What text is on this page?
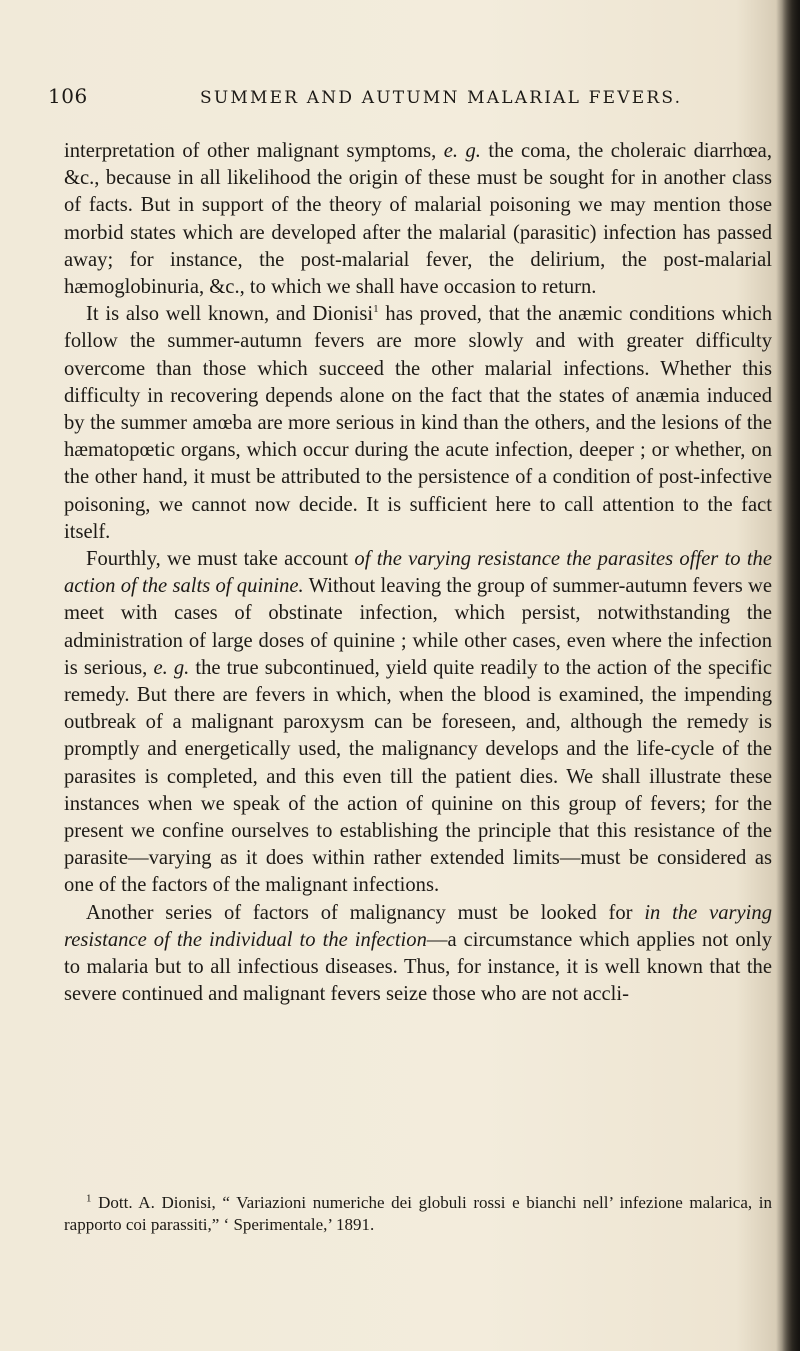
106	SUMMER AND AUTUMN MALARIAL FEVERS.

interpretation of other malignant symptoms, e. g. the coma, the choleraic diarrhœa, &c., because in all likelihood the origin of these must be sought for in another class of facts. But in support of the theory of malarial poisoning we may mention those morbid states which are developed after the malarial (parasitic) infection has passed away; for instance, the post-malarial fever, the delirium, the post-malarial hæmoglobinuria, &c., to which we shall have occasion to return.

It is also well known, and Dionisi$^1$ has proved, that the anæmic conditions which follow the summer-autumn fevers are more slowly and with greater difficulty overcome than those which succeed the other malarial infections. Whether this difficulty in recovering depends alone on the fact that the states of anæmia induced by the summer amœba are more serious in kind than the others, and the lesions of the hæmatopœtic organs, which occur during the acute infection, deeper ; or whether, on the other hand, it must be attributed to the persistence of a condition of post-infective poisoning, we cannot now decide. It is sufficient here to call attention to the fact itself.

Fourthly, we must take account of the varying resistance the parasites offer to the action of the salts of quinine. Without leaving the group of summer-autumn fevers we meet with cases of obstinate infection, which persist, notwithstanding the administration of large doses of quinine ; while other cases, even where the infection is serious, e. g. the true subcontinued, yield quite readily to the action of the specific remedy. But there are fevers in which, when the blood is examined, the impending outbreak of a malignant paroxysm can be foreseen, and, although the remedy is promptly and energetically used, the malignancy develops and the life-cycle of the parasites is completed, and this even till the patient dies. We shall illustrate these instances when we speak of the action of quinine on this group of fevers; for the present we confine ourselves to establishing the principle that this resistance of the parasite—varying as it does within rather extended limits—must be considered as one of the factors of the malignant infections.

Another series of factors of malignancy must be looked for in the varying resistance of the individual to the infection—a circumstance which applies not only to malaria but to all infectious diseases. Thus, for instance, it is well known that the severe continued and malignant fevers seize those who are not accli-

$^1$ Dott. A. Dionisi, “ Variazioni numeriche dei globuli rossi e bianchi nell’ infezione malarica, in rapporto coi parassiti,” ‘ Sperimentale,’ 1891.
